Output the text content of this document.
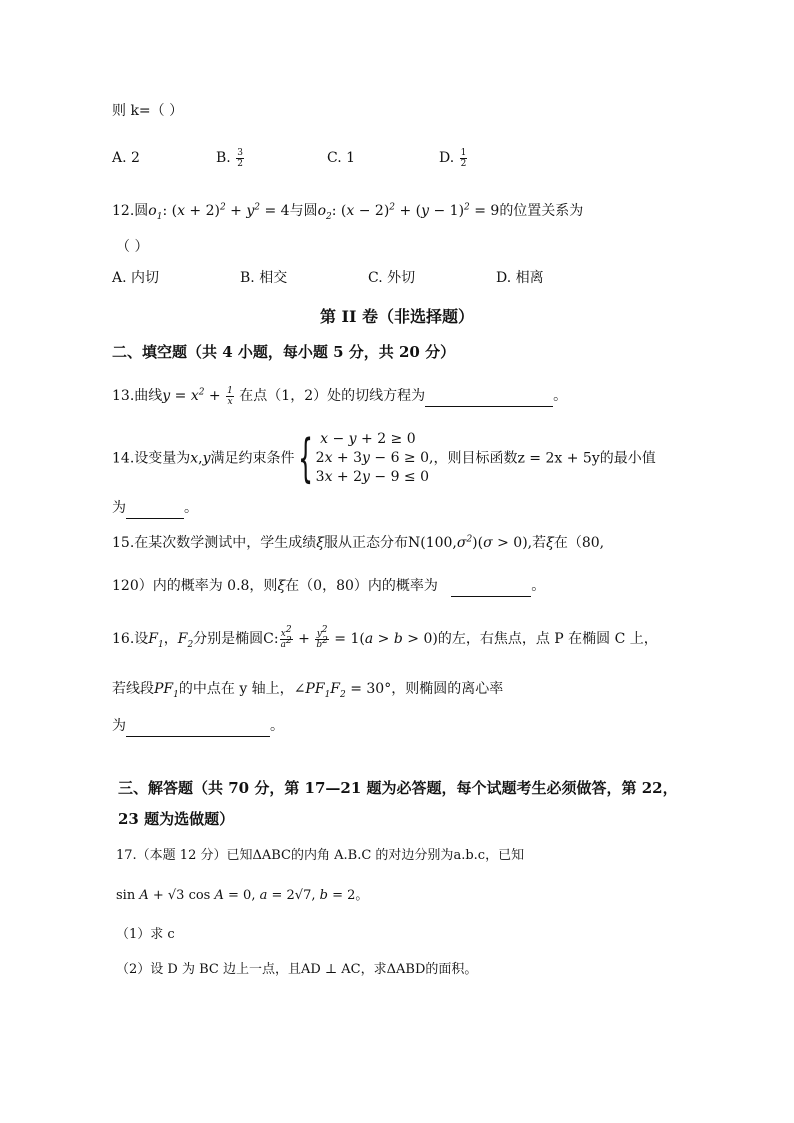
则 k=（ ）
A. 2	B. $\frac{3}{2}$	C. 1	D. $\frac{1}{2}$
12.圆$o_1$: $(x + 2)^2 + y^2 = 4$与圆$o_2$: $(x - 2)^2 + (y - 1)^2 = 9$的位置关系为
（ ）
A. 内切	B. 相交	C. 外切	D. 相离
第 II 卷（非选择题）
二、填空题（共 4 小题，每小题 5 分，共 20 分）
13.曲线$y = x^2 + \frac{1}{x}$ 在点（1，2）处的切线方程为	。
14.设变量为x,y满足约束条件{ x − y + 2 ≥ 0
2x + 3y − 6 ≥ 0,
3x + 2y − 9 ≤ 0
，则目标函数z = 2x + 5y的最小值
为	。
15.在某次数学测试中，学生成绩ξ服从正态分布$N(100,\sigma^2)(\sigma > 0)$,若ξ在（80,
120）内的概率为 0.8，则ξ在（0，80）内的概率为	。
16.设$F_1$，$F_2$分别是椭圆C: $\frac{x^2}{a^2} + \frac{y^2}{b^2} = 1(a > b > 0)$的左，右焦点，点 P 在椭圆 C 上，
若线段$PF_1$的中点在 y 轴上，$\angle PF_1F_2 = 30^\circ$，则椭圆的离心率
为	。
三、解答题（共 70 分，第 17—21 题为必答题，每个试题考生必须做答，第 22，
23 题为选做题）
17.（本题 12 分）已知ΔABC的内角 A.B.C 的对边分别为a.b.c，已知
sin A + √3 cos A = 0, a = 2√7, b = 2。
（1）求 c
（2）设 D 为 BC 边上一点，且AD ⊥ AC，求ΔABD的面积。
